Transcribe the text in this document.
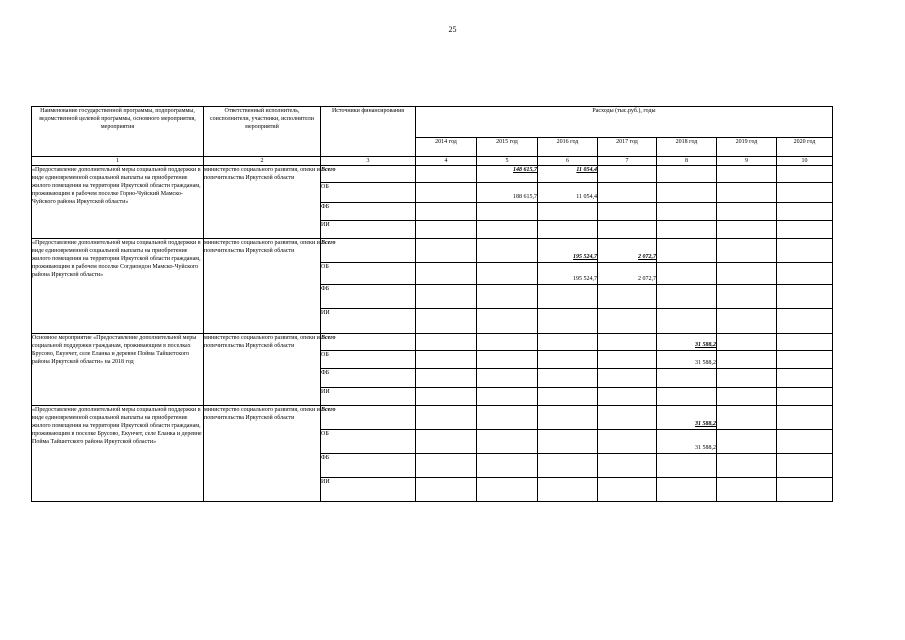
25
Наименование государственной программы, подпрограммы, ведомственной целевой программы, основного мероприятия, мероприятия	Ответственный исполнитель, соисполнители, участники, исполнители мероприятий	Источники финансирования	Расходы (тыс.руб.), годы						
			2014 год	2015 год	2016 год	2017 год	2018 год	2019 год	2020 год
1	2	3	4	5	6	7	8	9	10
«Предоставление дополнительной меры социальной поддержки в виде единовременной социальной выплаты на приобретение жилого помещения на территории Иркутской области гражданам, проживающим в рабочем поселке Горно-Чуйский Мамско-Чуйского района Иркутской области»	министерство социального развития, опеки и попечительства Иркутской области	Всего		148 615,7	11 054,4				
		ОБ		188 615,7	11 054,4				
		ФБ							
		ИИ							
«Предоставление дополнительной меры социальной поддержки в виде единовременной социальной выплаты на приобретение жилого помещения на территории Иркутской области гражданам, проживающим в рабочем поселке Согдиондон Мамско-Чуйского района Иркутской области»	министерство социального развития, опеки и попечительства Иркутской области	Всего			195 524,7	2 072,7			
		ОБ			195 524,7	2 072,7			
		ФБ							
		ИИ							
Основное мероприятие «Предоставление дополнительной меры социальной поддержки гражданам, проживающим в поселках Брусово, Екунчет, селе Еланка и деревне Пойма Тайшетского района Иркутской области» на 2018 год	министерство социального развития, опеки и попечительства Иркутской области	Всего					31 588,2		
		ОБ					31 588,2		
		ФБ							
		ИИ							
«Предоставление дополнительной меры социальной поддержки в виде единовременной социальной выплаты на приобретение жилого помещения на территории Иркутской области гражданам, проживающим в поселке Брусово, Екунчет, селе Еланка и деревне Пойма Тайшетского района Иркутской области»	министерство социального развития, опеки и попечительства Иркутской области	Всего					31 588,2		
		ОБ					31 588,2		
		ФБ							
		ИИ							
